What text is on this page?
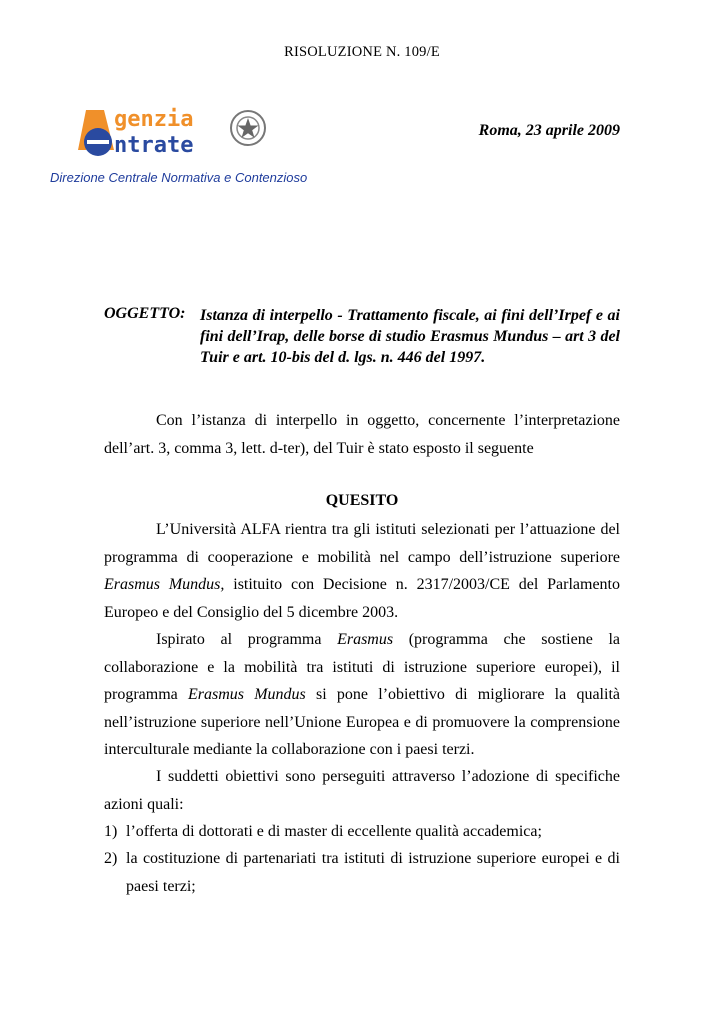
RISOLUZIONE N. 109/E
genzia
ntrate
Direzione Centrale Normativa e Contenzioso
Roma, 23 aprile 2009
OGGETTO: Istanza di interpello - Trattamento fiscale, ai fini dell’Irpef e ai fini dell’Irap, delle borse di studio Erasmus Mundus – art 3 del Tuir e art. 10-bis del d. lgs. n. 446 del 1997.
Con l’istanza di interpello in oggetto, concernente l’interpretazione dell’art. 3, comma 3, lett. d-ter), del Tuir è stato esposto il seguente
QUESITO
L’Università ALFA rientra tra gli istituti selezionati per l’attuazione del programma di cooperazione e mobilità nel campo dell’istruzione superiore Erasmus Mundus, istituito con Decisione n. 2317/2003/CE del Parlamento Europeo e del Consiglio del 5 dicembre 2003.
Ispirato al programma Erasmus (programma che sostiene la collaborazione e la mobilità tra istituti di istruzione superiore europei), il programma Erasmus Mundus si pone l’obiettivo di migliorare la qualità nell’istruzione superiore nell’Unione Europea e di promuovere la comprensione interculturale mediante la collaborazione con i paesi terzi.
I suddetti obiettivi sono perseguiti attraverso l’adozione di specifiche azioni quali:
1) l’offerta di dottorati e di master di eccellente qualità accademica;
2) la costituzione di partenariati tra istituti di istruzione superiore europei e di paesi terzi;
